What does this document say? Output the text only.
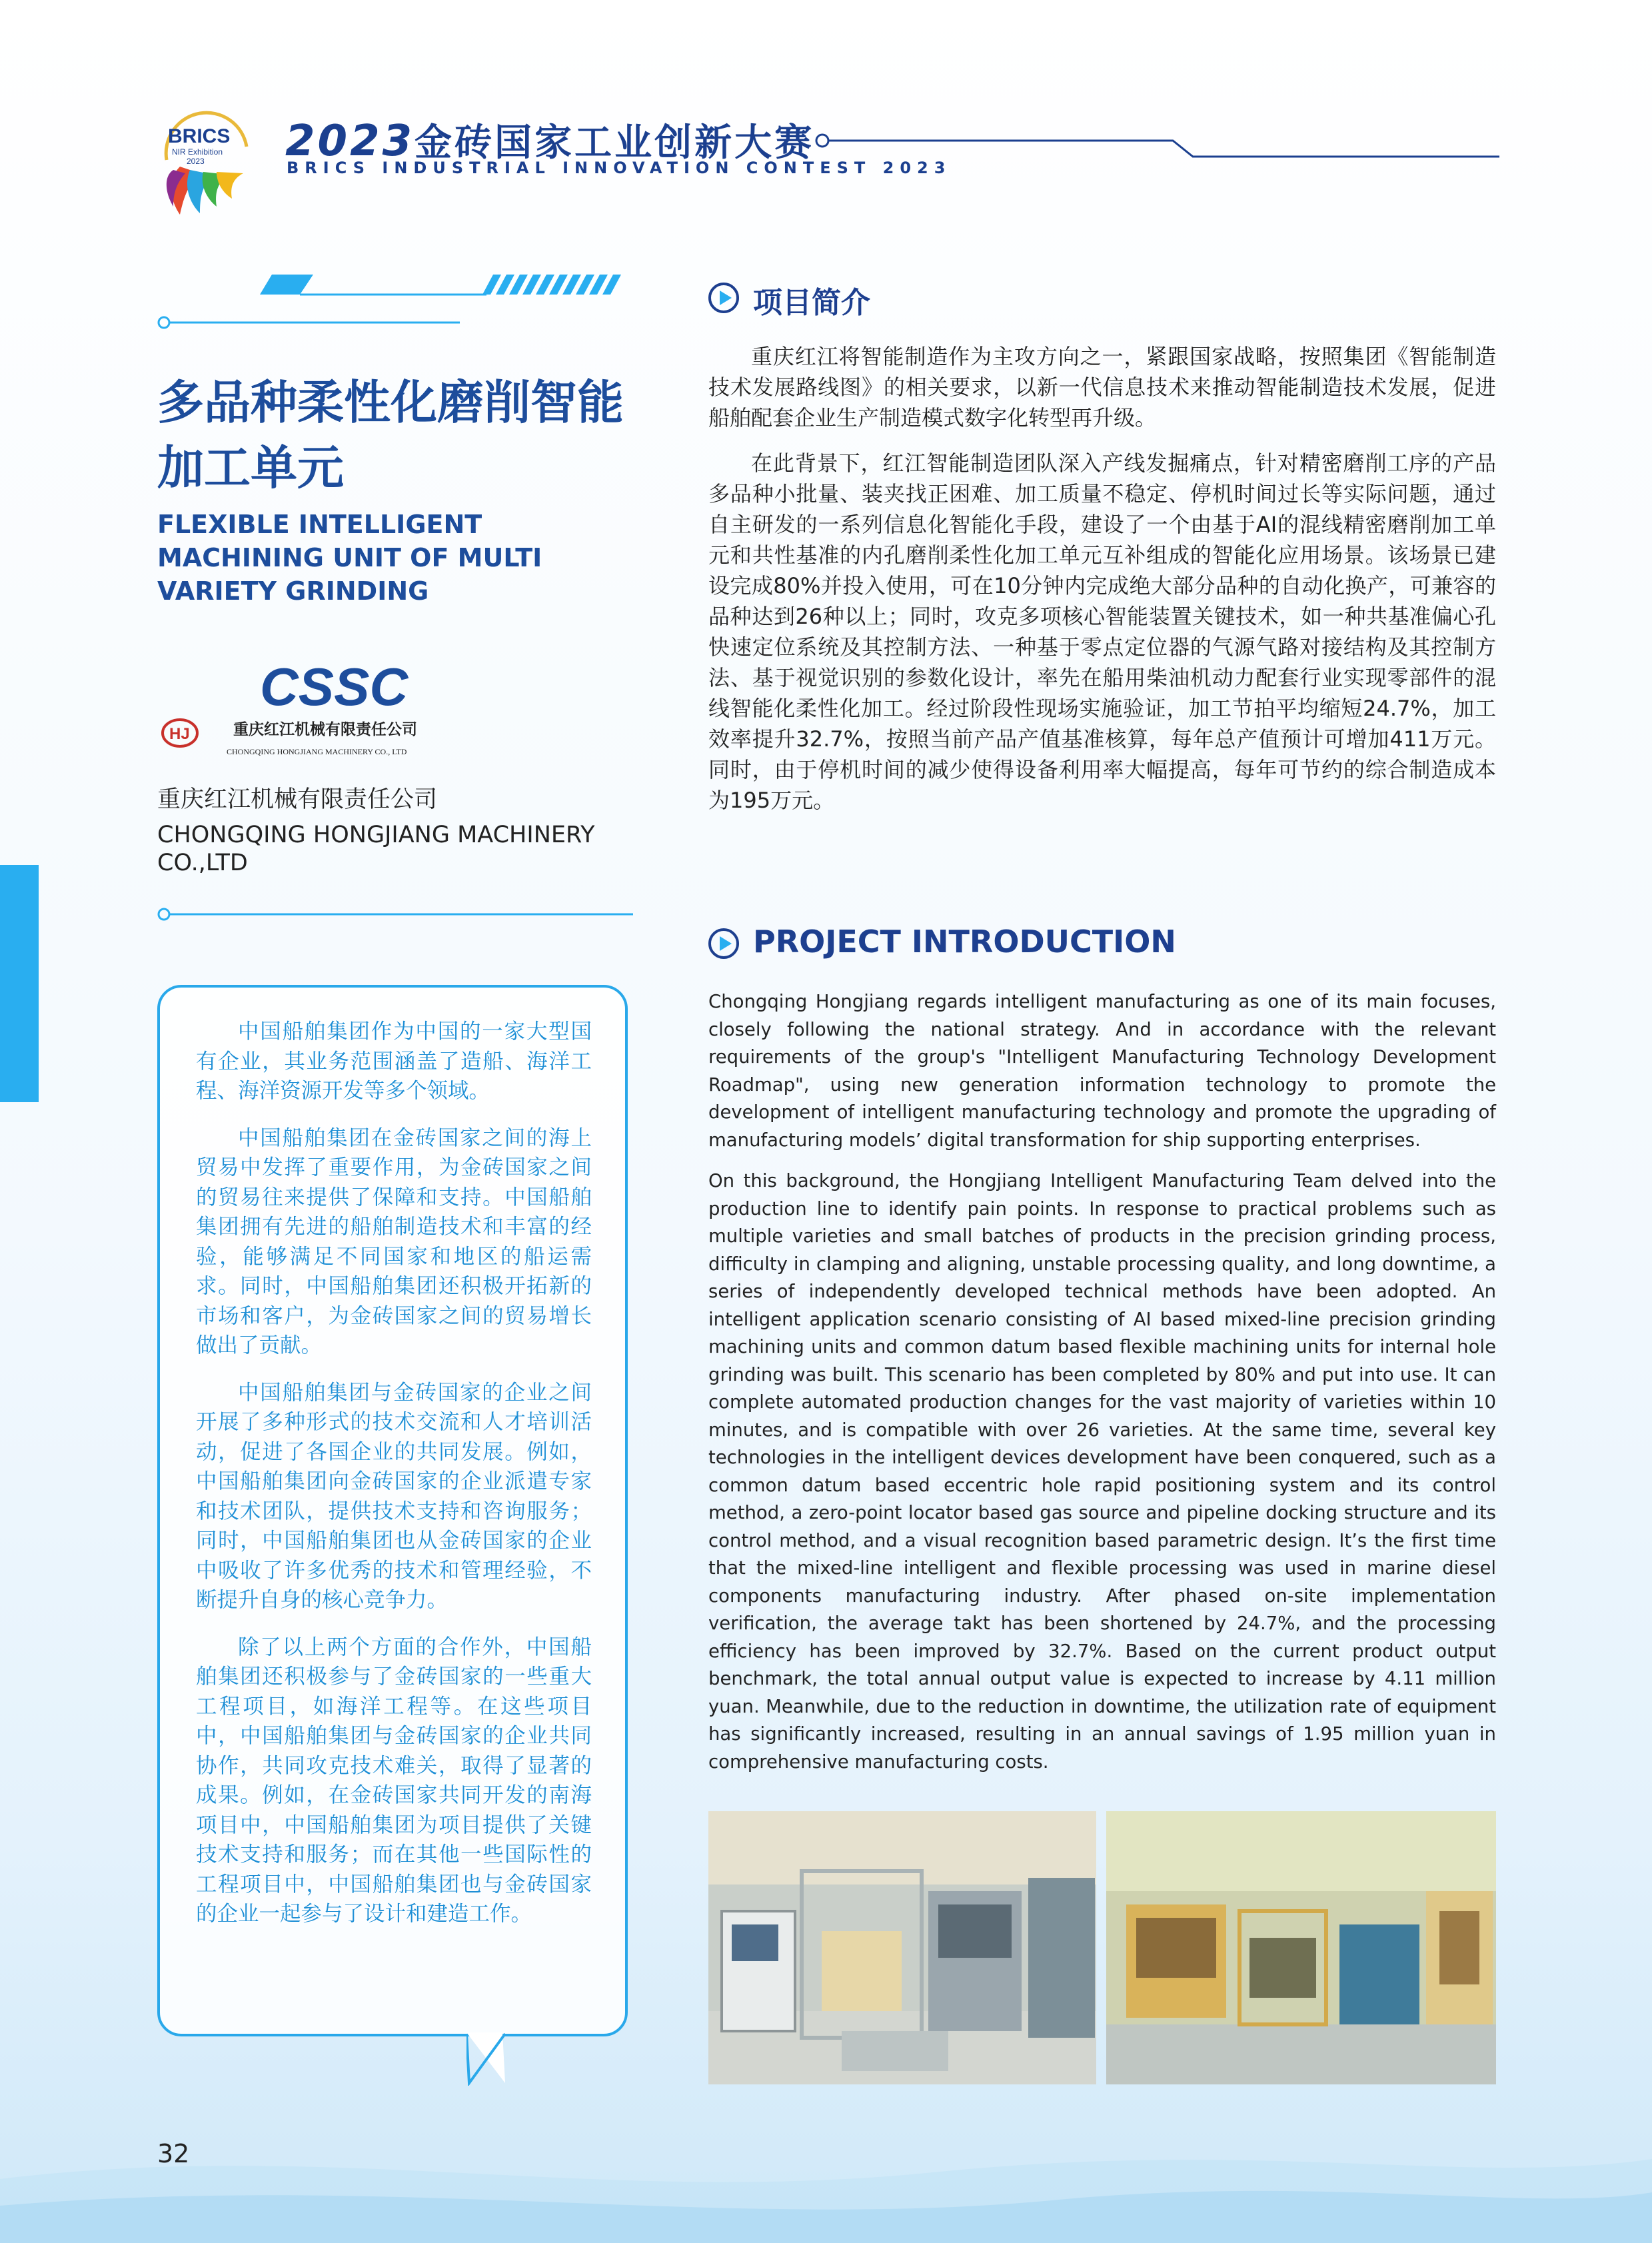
BRICS
NIR Exhibition
2023 2023金砖国家工业创新大赛
BRICS INDUSTRIAL INNOVATION CONTEST 2023
多品种柔性化磨削智能加工单元
FLEXIBLE INTELLIGENT MACHINING UNIT OF MULTI VARIETY GRINDING
CSSC
HJ	重庆红江机械有限责任公司
CHONGQING HONGJIANG MACHINERY CO., LTD
重庆红江机械有限责任公司
CHONGQING HONGJIANG MACHINERY CO.,LTD

中国船舶集团作为中国的一家大型国有企业，其业务范围涵盖了造船、海洋工程、海洋资源开发等多个领域。

中国船舶集团在金砖国家之间的海上贸易中发挥了重要作用，为金砖国家之间的贸易往来提供了保障和支持。中国船舶集团拥有先进的船舶制造技术和丰富的经验，能够满足不同国家和地区的船运需求。同时，中国船舶集团还积极开拓新的市场和客户，为金砖国家之间的贸易增长做出了贡献。

中国船舶集团与金砖国家的企业之间开展了多种形式的技术交流和人才培训活动，促进了各国企业的共同发展。例如，中国船舶集团向金砖国家的企业派遣专家和技术团队，提供技术支持和咨询服务；同时，中国船舶集团也从金砖国家的企业中吸收了许多优秀的技术和管理经验，不断提升自身的核心竞争力。

除了以上两个方面的合作外，中国船舶集团还积极参与了金砖国家的一些重大工程项目，如海洋工程等。在这些项目中，中国船舶集团与金砖国家的企业共同协作，共同攻克技术难关，取得了显著的成果。例如，在金砖国家共同开发的南海项目中，中国船舶集团为项目提供了关键技术支持和服务；而在其他一些国际性的工程项目中，中国船舶集团也与金砖国家的企业一起参与了设计和建造工作。

项目简介

重庆红江将智能制造作为主攻方向之一，紧跟国家战略，按照集团《智能制造技术发展路线图》的相关要求，以新一代信息技术来推动智能制造技术发展，促进船舶配套企业生产制造模式数字化转型再升级。

在此背景下，红江智能制造团队深入产线发掘痛点，针对精密磨削工序的产品多品种小批量、装夹找正困难、加工质量不稳定、停机时间过长等实际问题，通过自主研发的一系列信息化智能化手段，建设了一个由基于AI的混线精密磨削加工单元和共性基准的内孔磨削柔性化加工单元互补组成的智能化应用场景。该场景已建设完成80%并投入使用，可在10分钟内完成绝大部分品种的自动化换产，可兼容的品种达到26种以上；同时，攻克多项核心智能装置关键技术，如一种共基准偏心孔快速定位系统及其控制方法、一种基于零点定位器的气源气路对接结构及其控制方法、基于视觉识别的参数化设计，率先在船用柴油机动力配套行业实现零部件的混线智能化柔性化加工。经过阶段性现场实施验证，加工节拍平均缩短24.7%，加工效率提升32.7%，按照当前产品产值基准核算，每年总产值预计可增加411万元。同时，由于停机时间的减少使得设备利用率大幅提高，每年可节约的综合制造成本为195万元。

PROJECT INTRODUCTION

Chongqing Hongjiang regards intelligent manufacturing as one of its main focuses, closely following the national strategy. And in accordance with the relevant requirements of the group's "Intelligent Manufacturing Technology Development Roadmap", using new generation information technology to promote the development of intelligent manufacturing technology and promote the upgrading of manufacturing models’ digital transformation for ship supporting enterprises.

On this background, the Hongjiang Intelligent Manufacturing Team delved into the production line to identify pain points. In response to practical problems such as multiple varieties and small batches of products in the precision grinding process, difficulty in clamping and aligning, unstable processing quality, and long downtime, a series of independently developed technical methods have been adopted. An intelligent application scenario consisting of AI based mixed-line precision grinding machining units and common datum based flexible machining units for internal hole grinding was built. This scenario has been completed by 80% and put into use. It can complete automated production changes for the vast majority of varieties within 10 minutes, and is compatible with over 26 varieties. At the same time, several key technologies in the intelligent devices development have been conquered, such as a common datum based eccentric hole rapid positioning system and its control method, a zero-point locator based gas source and pipeline docking structure and its control method, and a visual recognition based parametric design. It’s the first time that the mixed-line intelligent and flexible processing was used in marine diesel components manufacturing industry. After phased on-site implementation verification, the average takt has been shortened by 24.7%, and the processing efficiency has been improved by 32.7%. Based on the current product output benchmark, the total annual output value is expected to increase by 4.11 million yuan. Meanwhile, due to the reduction in downtime, the utilization rate of equipment has significantly increased, resulting in an annual savings of 1.95 million yuan in comprehensive manufacturing costs.

32
